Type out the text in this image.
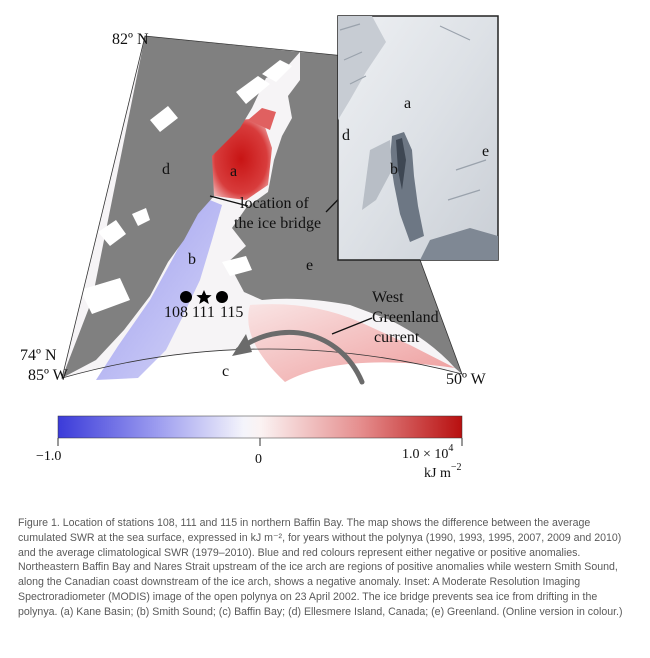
d	a
b	e
c
location of
the ice bridge
West
Greenland
current
82º N
74º N
85º W	50º W
108 111 115
a
d
b
e
−1.0	0	$1.0 \times 10^4$
kJ $m^{-2}$

Figure 1. Location of stations 108, 111 and 115 in northern Baffin Bay. The map shows the difference between the average cumulated SWR at the sea surface, expressed in kJ m⁻², for years without the polynya (1990, 1993, 1995, 2007, 2009 and 2010) and the average climatological SWR (1979–2010). Blue and red colours represent either negative or positive anomalies. Northeastern Baffin Bay and Nares Strait upstream of the ice arch are regions of positive anomalies while western Smith Sound, along the Canadian coast downstream of the ice arch, shows a negative anomaly. Inset: A Moderate Resolution Imaging Spectroradiometer (MODIS) image of the open polynya on 23 April 2002. The ice bridge prevents sea ice from drifting in the polynya. (a) Kane Basin; (b) Smith Sound; (c) Baffin Bay; (d) Ellesmere Island, Canada; (e) Greenland. (Online version in colour.)
